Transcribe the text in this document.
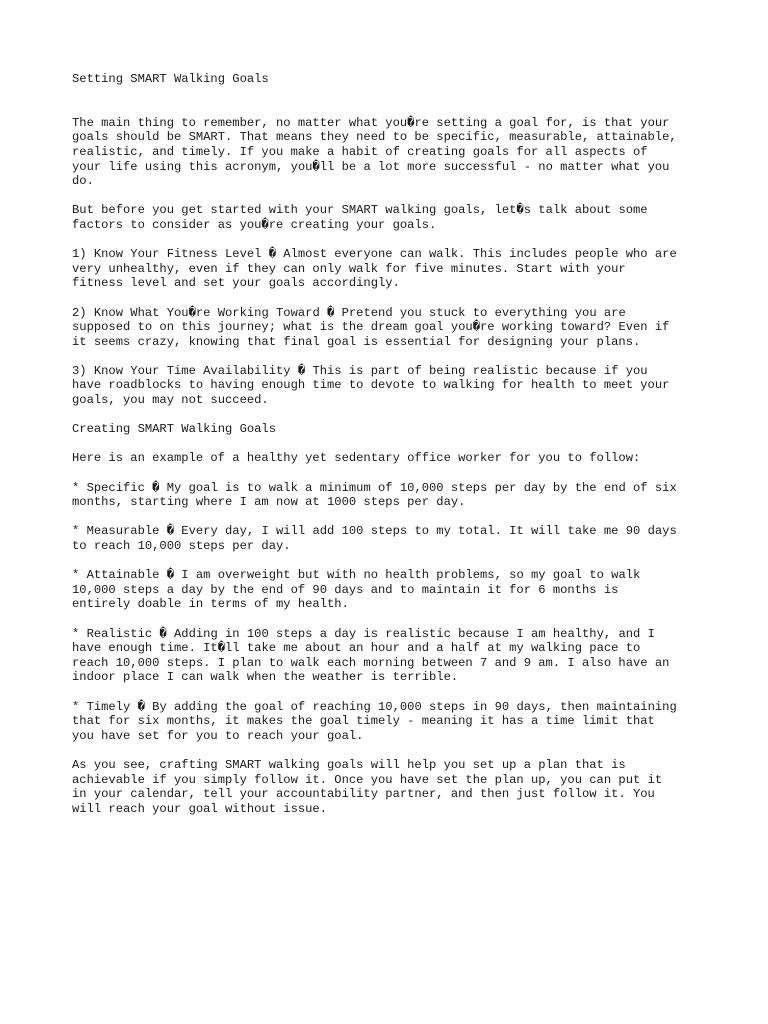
Setting SMART Walking Goals
The main thing to remember, no matter what you�re setting a goal for, is that your
goals should be SMART. That means they need to be specific, measurable, attainable,
realistic, and timely. If you make a habit of creating goals for all aspects of
your life using this acronym, you�ll be a lot more successful - no matter what you
do.
But before you get started with your SMART walking goals, let�s talk about some
factors to consider as you�re creating your goals.
1) Know Your Fitness Level � Almost everyone can walk. This includes people who are
very unhealthy, even if they can only walk for five minutes. Start with your
fitness level and set your goals accordingly.
2) Know What You�re Working Toward � Pretend you stuck to everything you are
supposed to on this journey; what is the dream goal you�re working toward? Even if
it seems crazy, knowing that final goal is essential for designing your plans.
3) Know Your Time Availability � This is part of being realistic because if you
have roadblocks to having enough time to devote to walking for health to meet your
goals, you may not succeed.
Creating SMART Walking Goals
Here is an example of a healthy yet sedentary office worker for you to follow:
* Specific � My goal is to walk a minimum of 10,000 steps per day by the end of six
months, starting where I am now at 1000 steps per day.
* Measurable � Every day, I will add 100 steps to my total. It will take me 90 days
to reach 10,000 steps per day.
* Attainable � I am overweight but with no health problems, so my goal to walk
10,000 steps a day by the end of 90 days and to maintain it for 6 months is
entirely doable in terms of my health.
* Realistic � Adding in 100 steps a day is realistic because I am healthy, and I
have enough time. It�ll take me about an hour and a half at my walking pace to
reach 10,000 steps. I plan to walk each morning between 7 and 9 am. I also have an
indoor place I can walk when the weather is terrible.
* Timely � By adding the goal of reaching 10,000 steps in 90 days, then maintaining
that for six months, it makes the goal timely - meaning it has a time limit that
you have set for you to reach your goal.
As you see, crafting SMART walking goals will help you set up a plan that is
achievable if you simply follow it. Once you have set the plan up, you can put it
in your calendar, tell your accountability partner, and then just follow it. You
will reach your goal without issue.
